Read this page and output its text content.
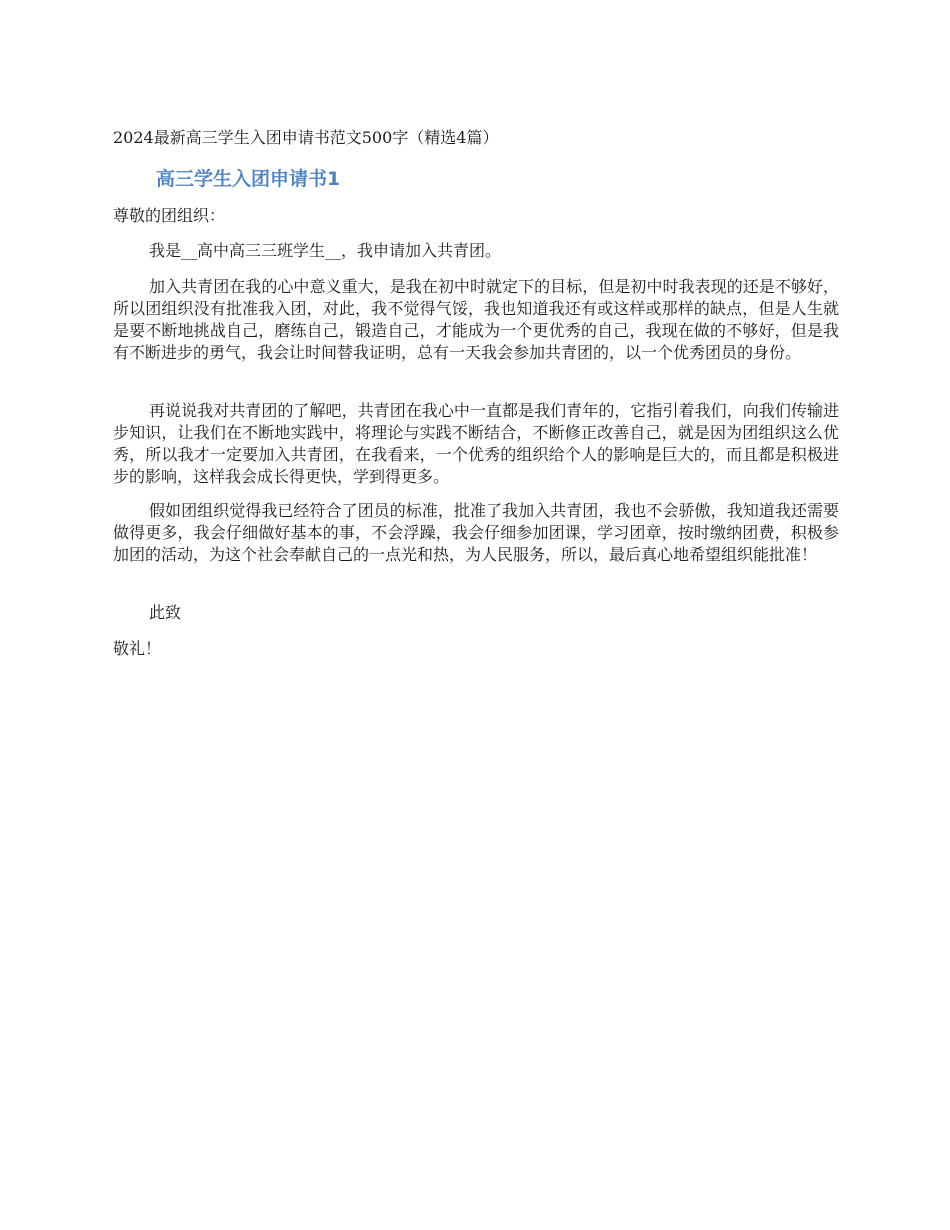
2024最新高三学生入团申请书范文500字（精选4篇）
高三学生入团申请书1
尊敬的团组织：
我是__高中高三三班学生__，我申请加入共青团。
加入共青团在我的心中意义重大，是我在初中时就定下的目标，但是初中时我表现的还是不够好，所以团组织没有批准我入团，对此，我不觉得气馁，我也知道我还有或这样或那样的缺点，但是人生就是要不断地挑战自己，磨练自己，锻造自己，才能成为一个更优秀的自己，我现在做的不够好，但是我有不断进步的勇气，我会让时间替我证明，总有一天我会参加共青团的，以一个优秀团员的身份。
再说说我对共青团的了解吧，共青团在我心中一直都是我们青年的，它指引着我们，向我们传输进步知识，让我们在不断地实践中，将理论与实践不断结合，不断修正改善自己，就是因为团组织这么优秀，所以我才一定要加入共青团，在我看来，一个优秀的组织给个人的影响是巨大的，而且都是积极进步的影响，这样我会成长得更快，学到得更多。
假如团组织觉得我已经符合了团员的标准，批准了我加入共青团，我也不会骄傲，我知道我还需要做得更多，我会仔细做好基本的事，不会浮躁，我会仔细参加团课，学习团章，按时缴纳团费，积极参加团的活动，为这个社会奉献自己的一点光和热，为人民服务，所以，最后真心地希望组织能批准！
此致
敬礼！
